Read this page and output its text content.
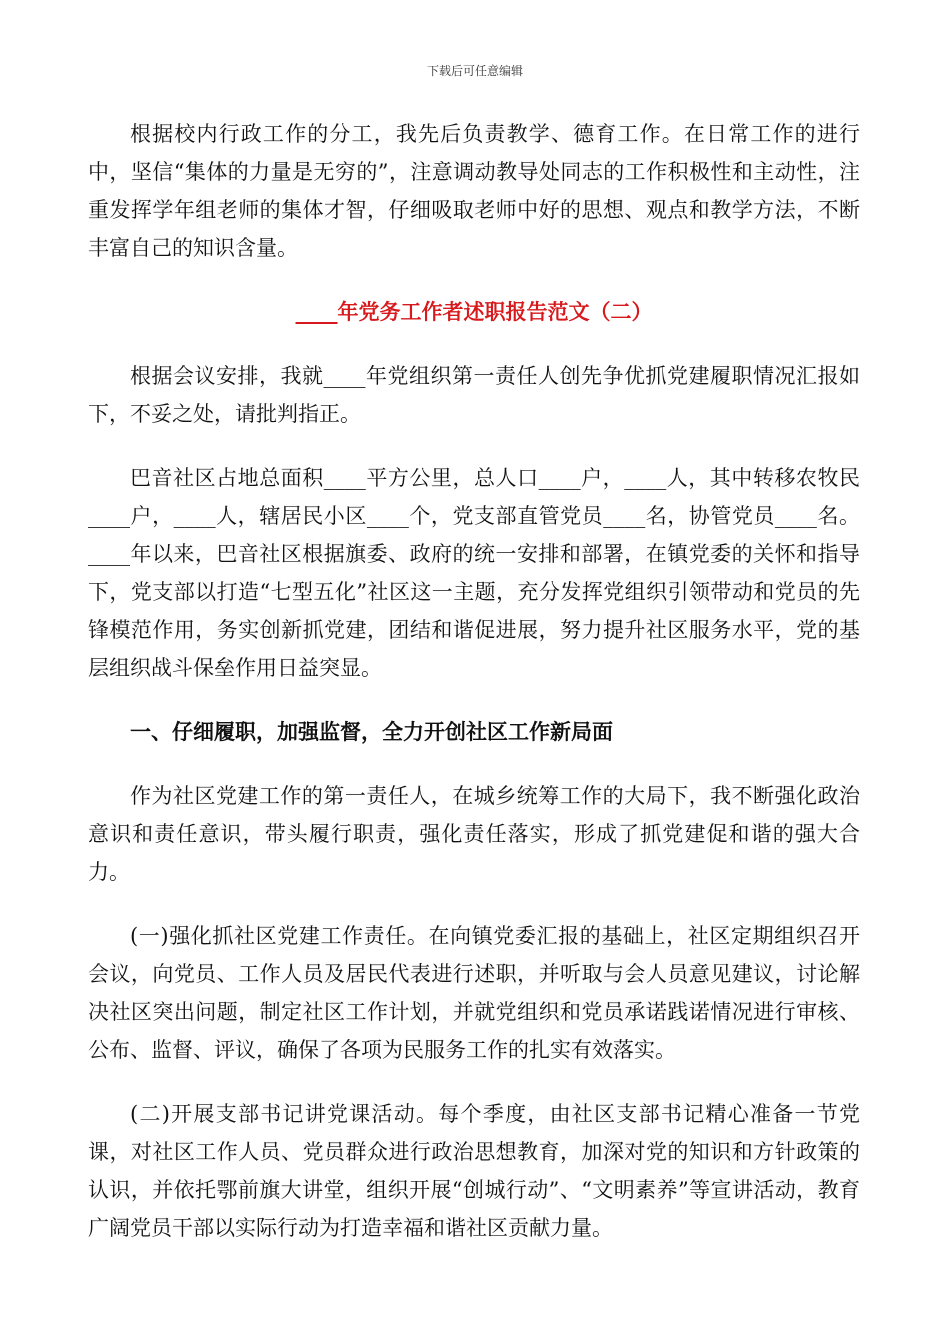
下载后可任意编辑

根据校内行政工作的分工，我先后负责教学、德育工作。在日常工作的进行中，坚信“集体的力量是无穷的”，注意调动教导处同志的工作积极性和主动性，注重发挥学年组老师的集体才智，仔细吸取老师中好的思想、观点和教学方法，不断丰富自己的知识含量。

____年党务工作者述职报告范文（二）

根据会议安排，我就____年党组织第一责任人创先争优抓党建履职情况汇报如下，不妥之处，请批判指正。

巴音社区占地总面积____平方公里，总人口____户，____人，其中转移农牧民____户，____人，辖居民小区____个，党支部直管党员____名，协管党员____名。____年以来，巴音社区根据旗委、政府的统一安排和部署，在镇党委的关怀和指导下，党支部以打造“七型五化”社区这一主题，充分发挥党组织引领带动和党员的先锋模范作用，务实创新抓党建，团结和谐促进展，努力提升社区服务水平，党的基层组织战斗保垒作用日益突显。

一、仔细履职，加强监督，全力开创社区工作新局面

作为社区党建工作的第一责任人，在城乡统筹工作的大局下，我不断强化政治意识和责任意识，带头履行职责，强化责任落实，形成了抓党建促和谐的强大合力。

(一)强化抓社区党建工作责任。在向镇党委汇报的基础上，社区定期组织召开会议，向党员、工作人员及居民代表进行述职，并听取与会人员意见建议，讨论解决社区突出问题，制定社区工作计划，并就党组织和党员承诺践诺情况进行审核、公布、监督、评议，确保了各项为民服务工作的扎实有效落实。

(二)开展支部书记讲党课活动。每个季度，由社区支部书记精心准备一节党课，对社区工作人员、党员群众进行政治思想教育，加深对党的知识和方针政策的认识，并依托鄂前旗大讲堂，组织开展“创城行动”、“文明素养”等宣讲活动，教育广阔党员干部以实际行动为打造幸福和谐社区贡献力量。
